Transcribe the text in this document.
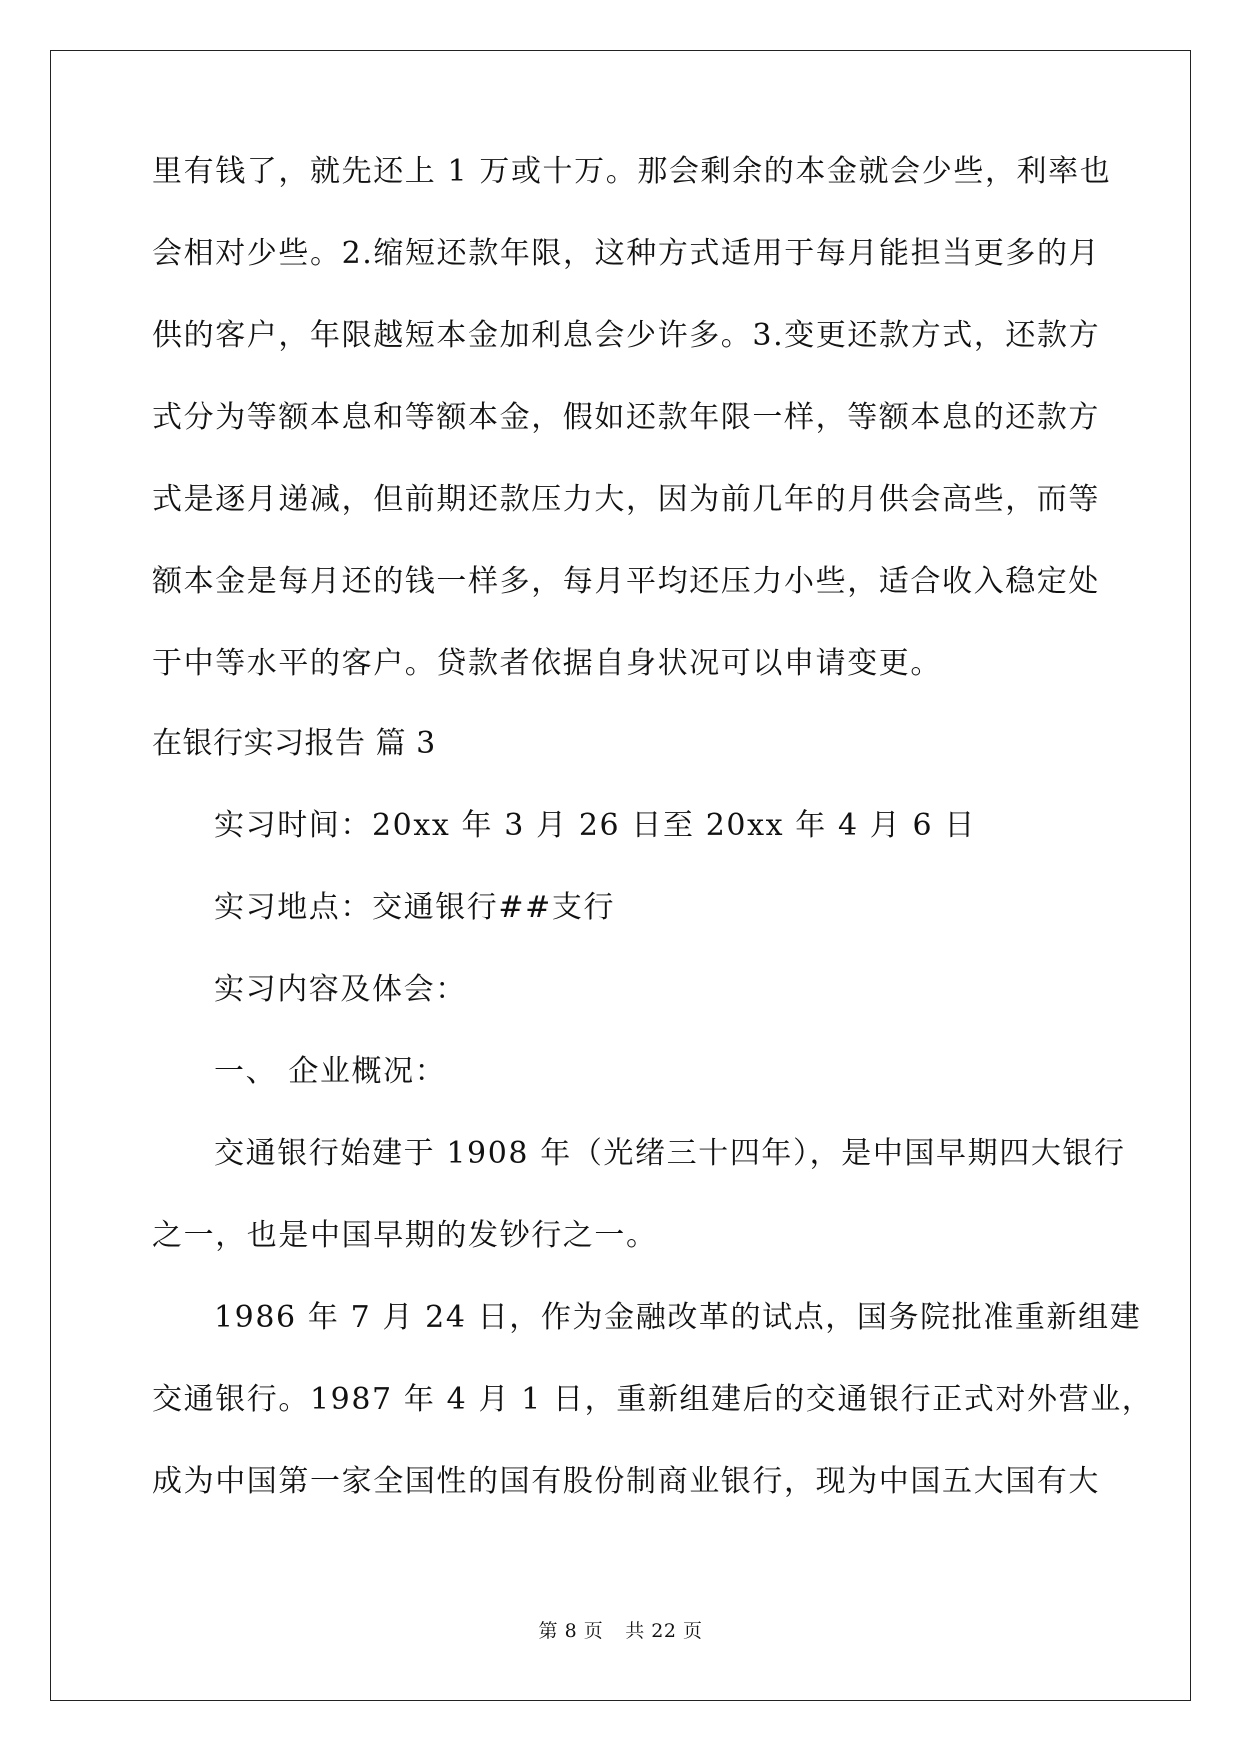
里有钱了，就先还上 1 万或十万。那会剩余的本金就会少些，利率也
会相对少些。2.缩短还款年限，这种方式适用于每月能担当更多的月
供的客户，年限越短本金加利息会少许多。3.变更还款方式，还款方
式分为等额本息和等额本金，假如还款年限一样，等额本息的还款方
式是逐月递减，但前期还款压力大，因为前几年的月供会高些，而等
额本金是每月还的钱一样多，每月平均还压力小些，适合收入稳定处
于中等水平的客户。贷款者依据自身状况可以申请变更。
在银行实习报告 篇 3
实习时间：20xx 年 3 月 26 日至 20xx 年 4 月 6 日
实习地点：交通银行##支行
实习内容及体会：
一、 企业概况：
交通银行始建于 1908 年（光绪三十四年），是中国早期四大银行
之一，也是中国早期的发钞行之一。
1986 年 7 月 24 日，作为金融改革的试点，国务院批准重新组建
交通银行。1987 年 4 月 1 日，重新组建后的交通银行正式对外营业，
成为中国第一家全国性的国有股份制商业银行，现为中国五大国有大
第 8 页 共 22 页
